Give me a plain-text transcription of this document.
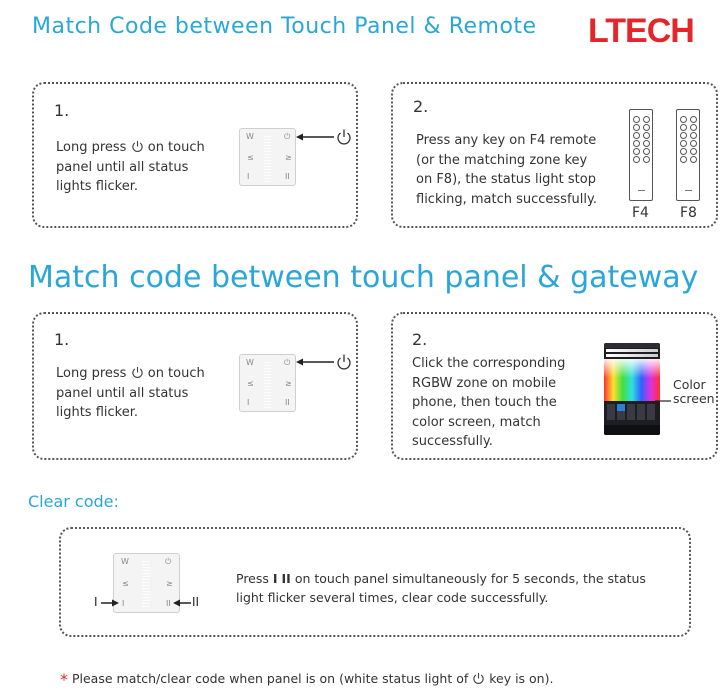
Match Code between Touch Panel & Remote LTECH
1.
Long press on touch
panel until all status
lights flicker.
W	⏻
≤	≥
I	II
2.
Press any key on F4 remote
(or the matching zone key
on F8), the status light stop
flicking, match successfully.
F4 F8
Match code between touch panel & gateway
1.
Long press on touch
panel until all status
lights flicker.
W	⏻
≤	≥
I	II
2.
Click the corresponding
RGBW zone on mobile
phone, then touch the
color screen, match
successfully.
Color
screen
Clear code:
W	⏻
≤	≥
I	II
I	II
Press I II on touch panel simultaneously for 5 seconds, the status
light flicker several times, clear code successfully.
* Please match/clear code when panel is on (white status light of key is on).
